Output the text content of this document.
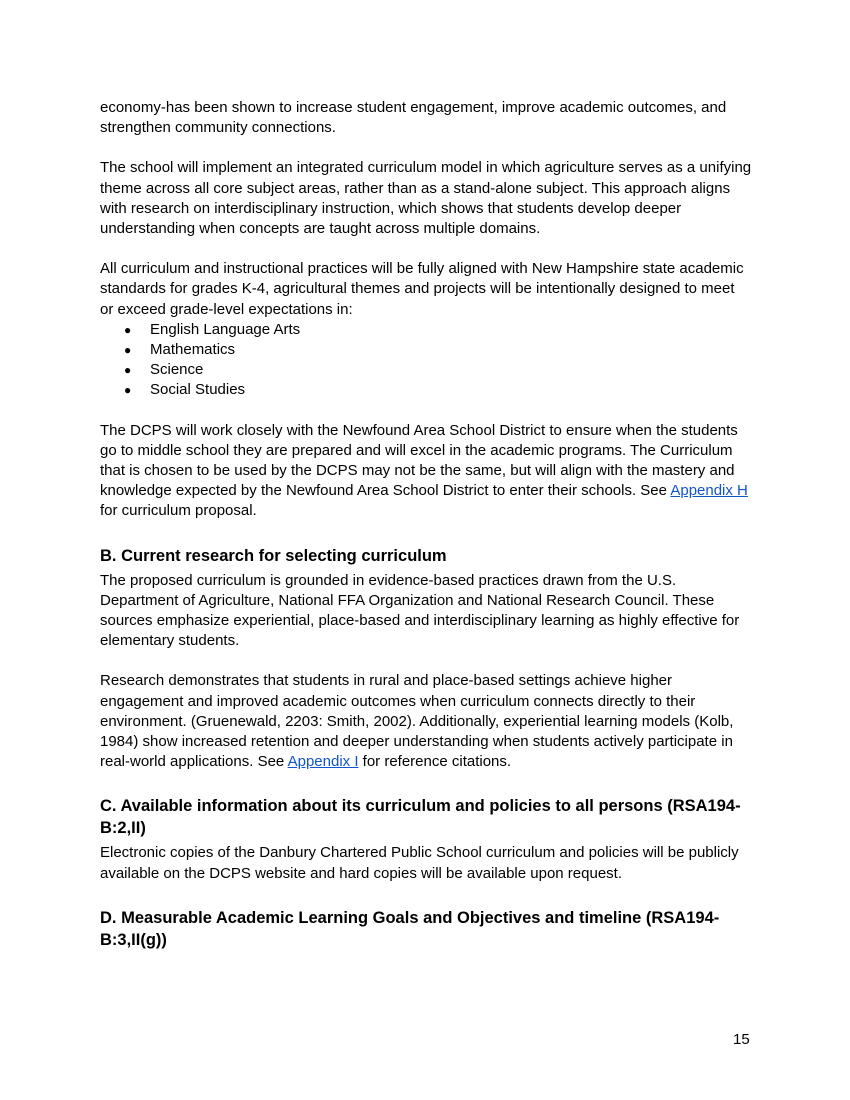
economy-has been shown to increase student engagement, improve academic outcomes, and strengthen community connections.

The school will implement an integrated curriculum model in which agriculture serves as a unifying theme across all core subject areas, rather than as a stand-alone subject. This approach aligns with research on interdisciplinary instruction, which shows that students develop deeper understanding when concepts are taught across multiple domains.

All curriculum and instructional practices will be fully aligned with New Hampshire state academic standards for grades K-4, agricultural themes and projects will be intentionally designed to meet or exceed grade-level expectations in:

● English Language Arts
● Mathematics
● Science
● Social Studies

The DCPS will work closely with the Newfound Area School District to ensure when the students go to middle school they are prepared and will excel in the academic programs. The Curriculum that is chosen to be used by the DCPS may not be the same, but will align with the mastery and knowledge expected by the Newfound Area School District to enter their schools. See Appendix H for curriculum proposal.

B. Current research for selecting curriculum

The proposed curriculum is grounded in evidence-based practices drawn from the U.S. Department of Agriculture, National FFA Organization and National Research Council. These sources emphasize experiential, place-based and interdisciplinary learning as highly effective for elementary students.

Research demonstrates that students in rural and place-based settings achieve higher engagement and improved academic outcomes when curriculum connects directly to their environment. (Gruenewald, 2203: Smith, 2002). Additionally, experiential learning models (Kolb, 1984) show increased retention and deeper understanding when students actively participate in real-world applications. See Appendix I for reference citations.

C. Available information about its curriculum and policies to all persons (RSA194-B:2,II)

Electronic copies of the Danbury Chartered Public School curriculum and policies will be publicly available on the DCPS website and hard copies will be available upon request.

D. Measurable Academic Learning Goals and Objectives and timeline (RSA194-B:3,II(g))
15
